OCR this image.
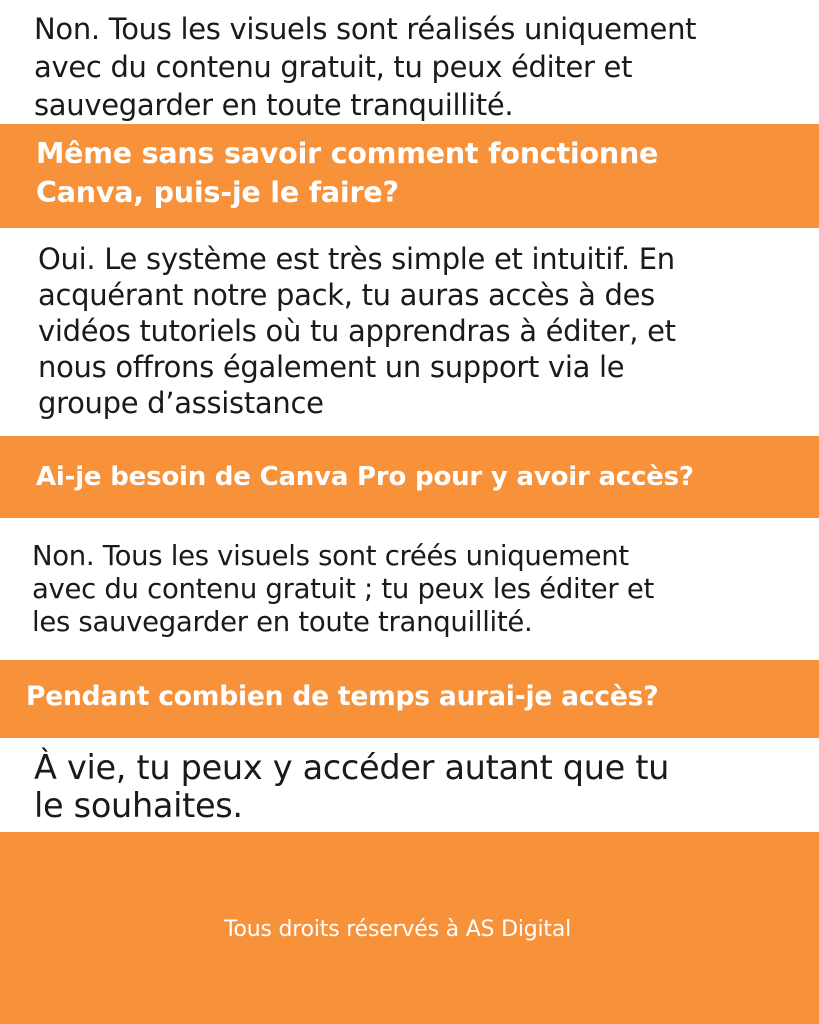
Non. Tous les visuels sont réalisés uniquement

avec du contenu gratuit, tu peux éditer et

sauvegarder en toute tranquillité.

Même sans savoir comment fonctionne

Canva, puis-je le faire?

Oui. Le système est très simple et intuitif. En

acquérant notre pack, tu auras accès à des

vidéos tutoriels où tu apprendras à éditer, et

nous offrons également un support via le

groupe d’assistance

Ai-je besoin de Canva Pro pour y avoir accès?

Non. Tous les visuels sont créés uniquement

avec du contenu gratuit ; tu peux les éditer et

les sauvegarder en toute tranquillité.

Pendant combien de temps aurai-je accès?

À vie, tu peux y accéder autant que tu

le souhaites.

Tous droits réservés à AS Digital
